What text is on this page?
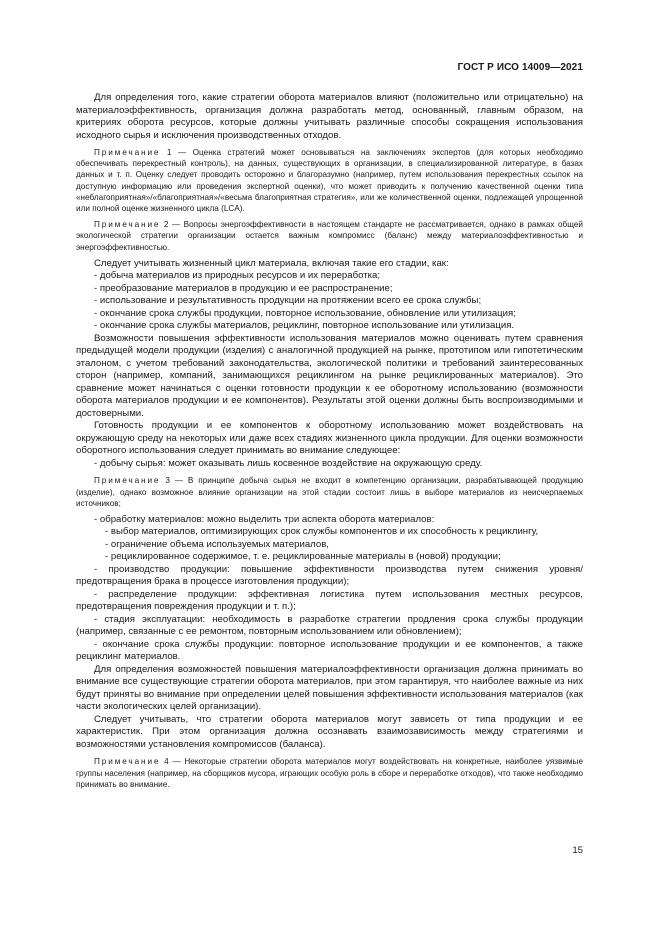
ГОСТ Р ИСО 14009—2021

Для определения того, какие стратегии оборота материалов влияют (положительно или отрицательно) на материалоэффективность, организация должна разработать метод, основанный, главным образом, на критериях оборота ресурсов, которые должны учитывать различные способы сокращения использования исходного сырья и исключения производственных отходов.

Примечание 1 — Оценка стратегий может основываться на заключениях экспертов (для которых необходимо обеспечивать перекрестный контроль), на данных, существующих в организации, в специализированной литературе, в базах данных и т. п. Оценку следует проводить осторожно и благоразумно (например, путем использования перекрестных ссылок на доступную информацию или проведения экспертной оценки), что может приводить к получению качественной оценки типа «неблагоприятная»/«благоприятная»/«весьма благоприятная стратегия», или же количественной оценки, подлежащей упрощенной или полной оценке жизненного цикла (LCA).

Примечание 2 — Вопросы энергоэффективности в настоящем стандарте не рассматривается, однако в рамках общей экологической стратегии организации остается важным компромисс (баланс) между материалоэффективностью и энергоэффективностью.

Следует учитывать жизненный цикл материала, включая такие его стадии, как:

- добыча материалов из природных ресурсов и их переработка;

- преобразование материалов в продукцию и ее распространение;

- использование и результативность продукции на протяжении всего ее срока службы;

- окончание срока службы продукции, повторное использование, обновление или утилизация;

- окончание срока службы материалов, рециклинг, повторное использование или утилизация.

Возможности повышения эффективности использования материалов можно оценивать путем сравнения предыдущей модели продукции (изделия) с аналогичной продукцией на рынке, прототипом или гипотетическим эталоном, с учетом требований законодательства, экологической политики и требований заинтересованных сторон (например, компаний, занимающихся рециклингом на рынке рециклированных материалов). Это сравнение может начинаться с оценки готовности продукции к ее оборотному использованию (возможности оборота материалов продукции и ее компонентов). Результаты этой оценки должны быть воспроизводимыми и достоверными.

Готовность продукции и ее компонентов к оборотному использованию может воздействовать на окружающую среду на некоторых или даже всех стадиях жизненного цикла продукции. Для оценки возможности оборотного использования следует принимать во внимание следующее:

- добычу сырья: может оказывать лишь косвенное воздействие на окружающую среду.

Примечание 3 — В принципе добыча сырья не входит в компетенцию организации, разрабатывающей продукцию (изделие), однако возможное влияние организации на этой стадии состоит лишь в выборе материалов из неисчерпаемых источников;

- обработку материалов: можно выделить три аспекта оборота материалов:

- выбор материалов, оптимизирующих срок службы компонентов и их способность к рециклингу,

- ограничение объема используемых материалов,

- рециклированное содержимое, т. е. рециклированные материалы в (новой) продукции;

- производство продукции: повышение эффективности производства путем снижения уровня/предотвращения брака в процессе изготовления продукции);

- распределение продукции: эффективная логистика путем использования местных ресурсов, предотвращения повреждения продукции и т. п.);

- стадия эксплуатации: необходимость в разработке стратегии продления срока службы продукции (например, связанные с ее ремонтом, повторным использованием или обновлением);

- окончание срока службы продукции: повторное использование продукции и ее компонентов, а также рециклинг материалов.

Для определения возможностей повышения материалоэффективности организация должна принимать во внимание все существующие стратегии оборота материалов, при этом гарантируя, что наиболее важные из них будут приняты во внимание при определении целей повышения эффективности использования материалов (как части экологических целей организации).

Следует учитывать, что стратегии оборота материалов могут зависеть от типа продукции и ее характеристик. При этом организация должна осознавать взаимозависимость между стратегиями и возможностями установления компромиссов (баланса).

Примечание 4 — Некоторые стратегии оборота материалов могут воздействовать на конкретные, наиболее уязвимые группы населения (например, на сборщиков мусора, играющих особую роль в сборе и переработке отходов), что также необходимо принимать во внимание.

15
